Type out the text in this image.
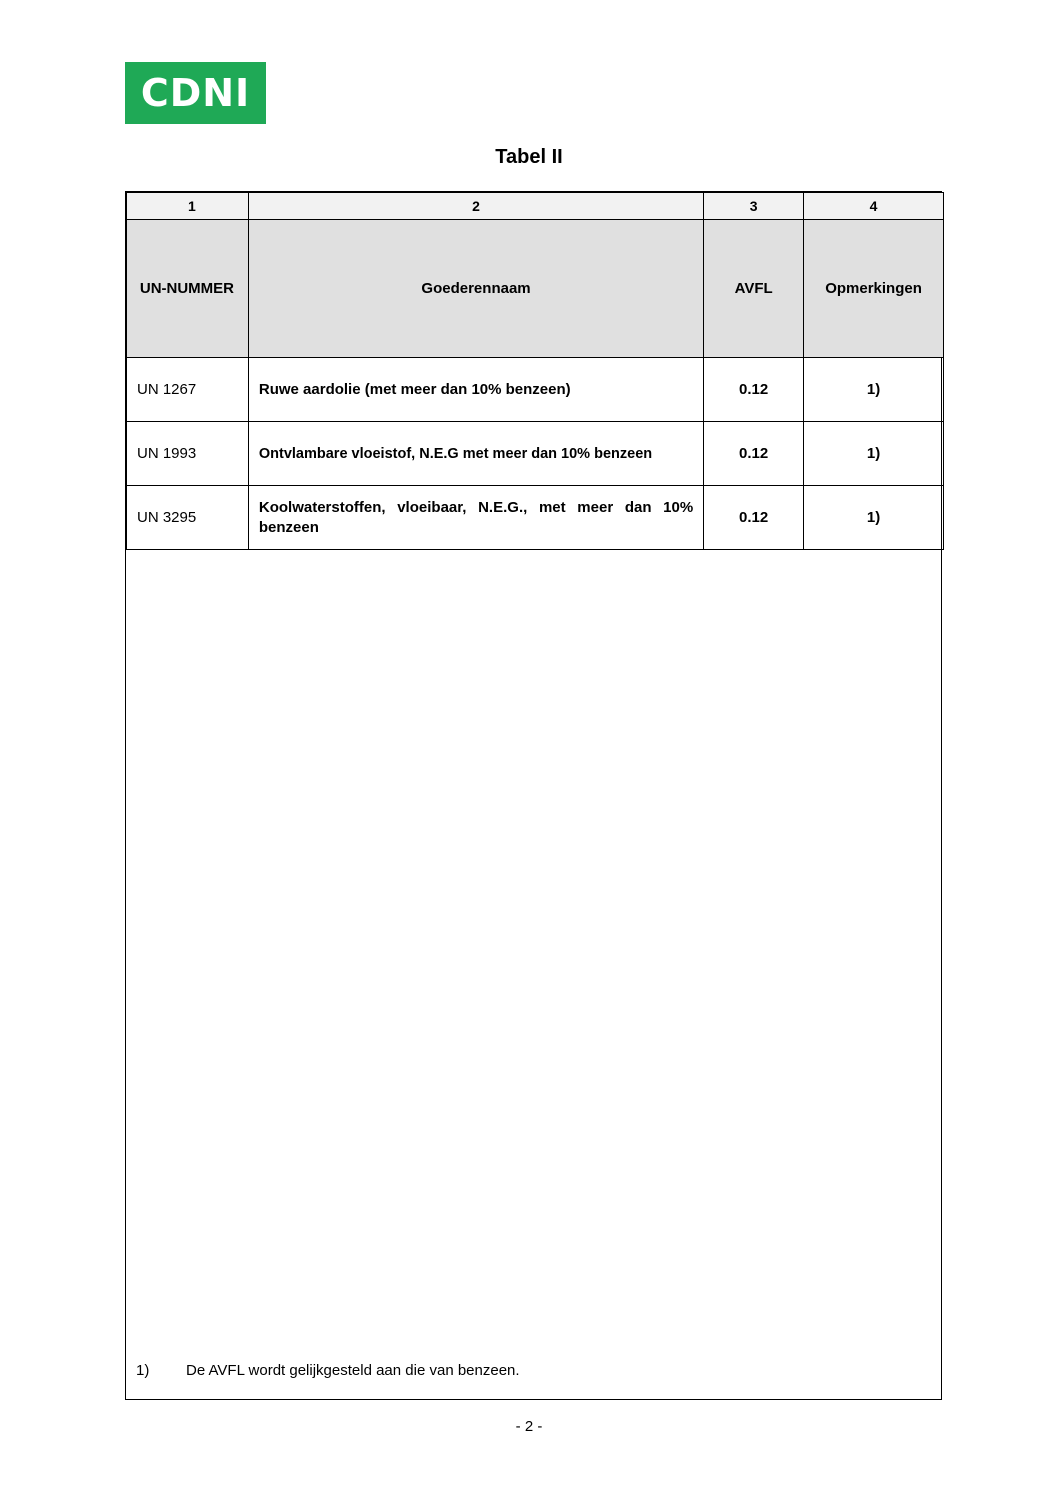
CDNI
Tabel II
1	2	3	4
UN-NUMMER	Goederennaam	AVFL	Opmerkingen
UN 1267	Ruwe aardolie (met meer dan 10% benzeen)	0.12	1)
UN 1993	Ontvlambare vloeistof, N.E.G met meer dan 10% benzeen	0.12	1)
UN 3295	Koolwaterstoffen, vloeibaar, N.E.G., met meer dan 10% benzeen	0.12	1)
1)	De AVFL wordt gelijkgesteld aan die van benzeen.
- 2 -
